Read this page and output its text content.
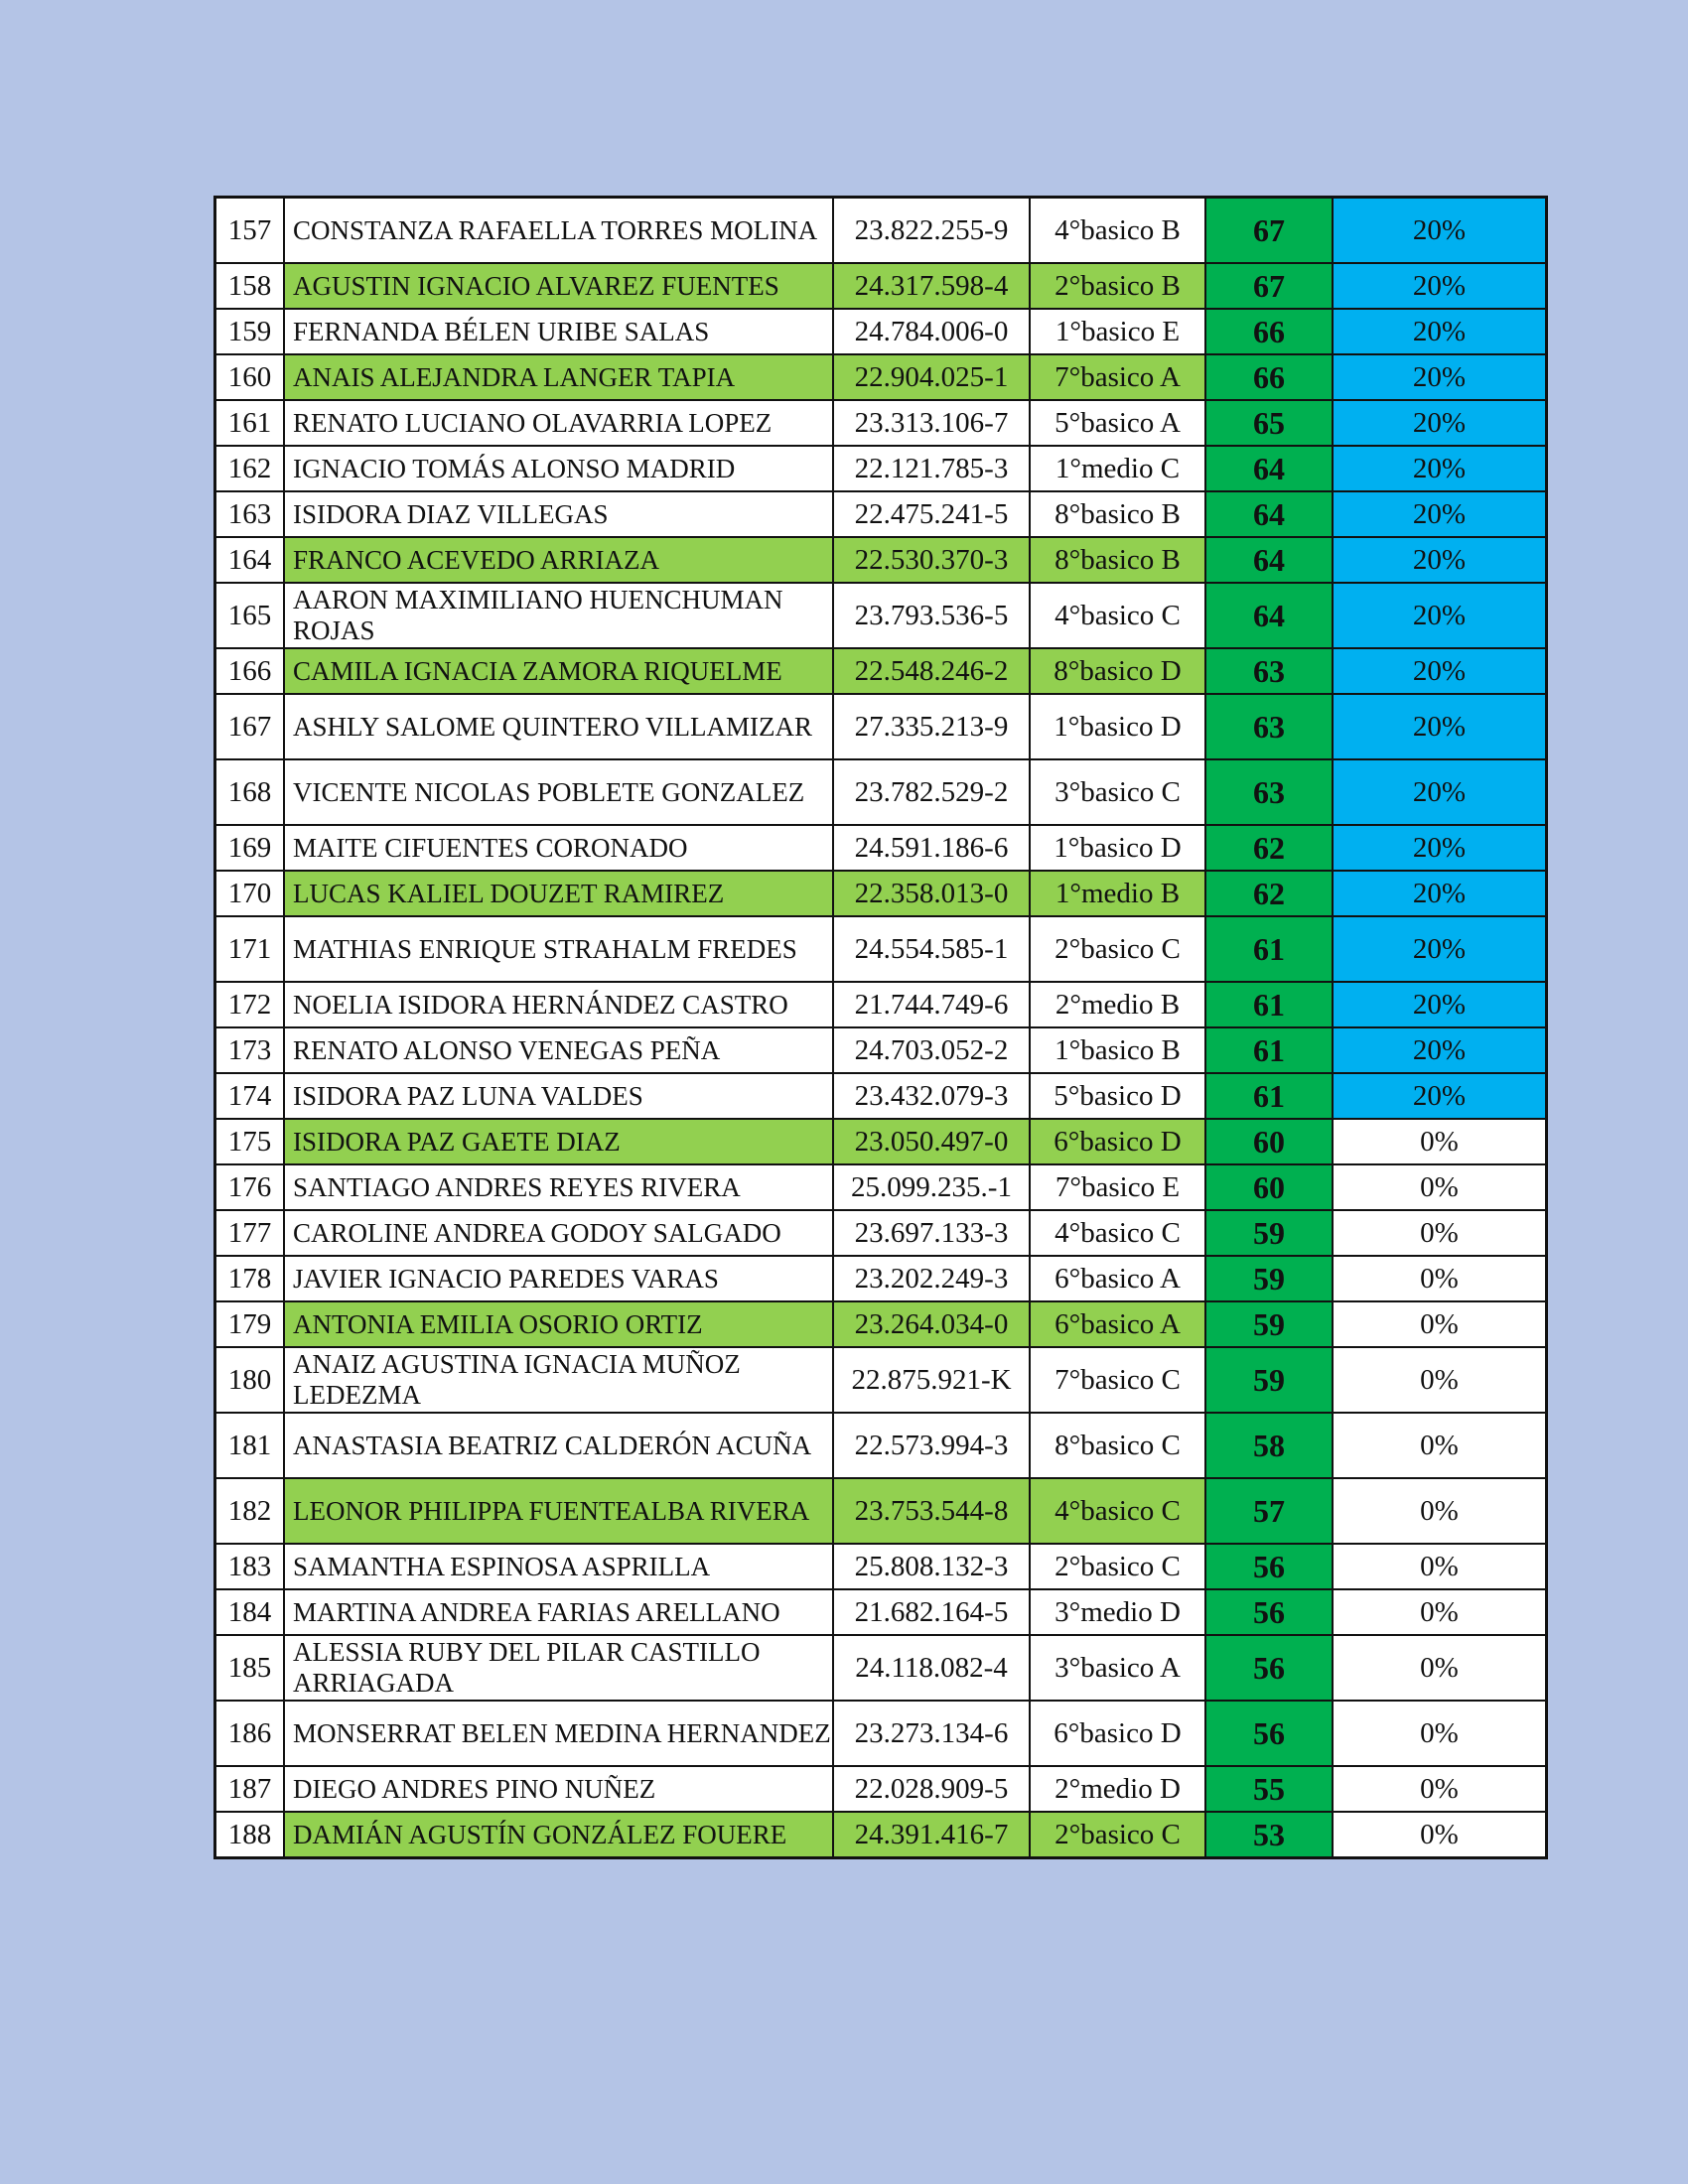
157	CONSTANZA RAFAELLA TORRES MOLINA	23.822.255-9	4°basico B	67	20%
158	AGUSTIN IGNACIO ALVAREZ FUENTES	24.317.598-4	2°basico B	67	20%
159	FERNANDA BÉLEN URIBE SALAS	24.784.006-0	1°basico E	66	20%
160	ANAIS ALEJANDRA LANGER TAPIA	22.904.025-1	7°basico A	66	20%
161	RENATO LUCIANO OLAVARRIA LOPEZ	23.313.106-7	5°basico A	65	20%
162	IGNACIO TOMÁS ALONSO MADRID	22.121.785-3	1°medio C	64	20%
163	ISIDORA DIAZ VILLEGAS	22.475.241-5	8°basico B	64	20%
164	FRANCO ACEVEDO ARRIAZA	22.530.370-3	8°basico B	64	20%
165	AARON MAXIMILIANO HUENCHUMAN ROJAS	23.793.536-5	4°basico C	64	20%
166	CAMILA IGNACIA ZAMORA RIQUELME	22.548.246-2	8°basico D	63	20%
167	ASHLY SALOME QUINTERO VILLAMIZAR	27.335.213-9	1°basico D	63	20%
168	VICENTE NICOLAS POBLETE GONZALEZ	23.782.529-2	3°basico C	63	20%
169	MAITE CIFUENTES CORONADO	24.591.186-6	1°basico D	62	20%
170	LUCAS KALIEL DOUZET RAMIREZ	22.358.013-0	1°medio B	62	20%
171	MATHIAS ENRIQUE STRAHALM FREDES	24.554.585-1	2°basico C	61	20%
172	NOELIA ISIDORA HERNÁNDEZ CASTRO	21.744.749-6	2°medio B	61	20%
173	RENATO ALONSO VENEGAS PEÑA	24.703.052-2	1°basico B	61	20%
174	ISIDORA PAZ LUNA VALDES	23.432.079-3	5°basico D	61	20%
175	ISIDORA PAZ GAETE DIAZ	23.050.497-0	6°basico D	60	0%
176	SANTIAGO ANDRES REYES RIVERA	25.099.235.-1	7°basico E	60	0%
177	CAROLINE ANDREA GODOY SALGADO	23.697.133-3	4°basico C	59	0%
178	JAVIER IGNACIO PAREDES VARAS	23.202.249-3	6°basico A	59	0%
179	ANTONIA EMILIA OSORIO ORTIZ	23.264.034-0	6°basico A	59	0%
180	ANAIZ AGUSTINA IGNACIA MUÑOZ LEDEZMA	22.875.921-K	7°basico C	59	0%
181	ANASTASIA BEATRIZ CALDERÓN ACUÑA	22.573.994-3	8°basico C	58	0%
182	LEONOR PHILIPPA FUENTEALBA RIVERA	23.753.544-8	4°basico C	57	0%
183	SAMANTHA ESPINOSA ASPRILLA	25.808.132-3	2°basico C	56	0%
184	MARTINA ANDREA FARIAS ARELLANO	21.682.164-5	3°medio D	56	0%
185	ALESSIA RUBY DEL PILAR CASTILLO ARRIAGADA	24.118.082-4	3°basico A	56	0%
186	MONSERRAT BELEN MEDINA HERNANDEZ	23.273.134-6	6°basico D	56	0%
187	DIEGO ANDRES PINO NUÑEZ	22.028.909-5	2°medio D	55	0%
188	DAMIÁN AGUSTÍN GONZÁLEZ FOUERE	24.391.416-7	2°basico C	53	0%
